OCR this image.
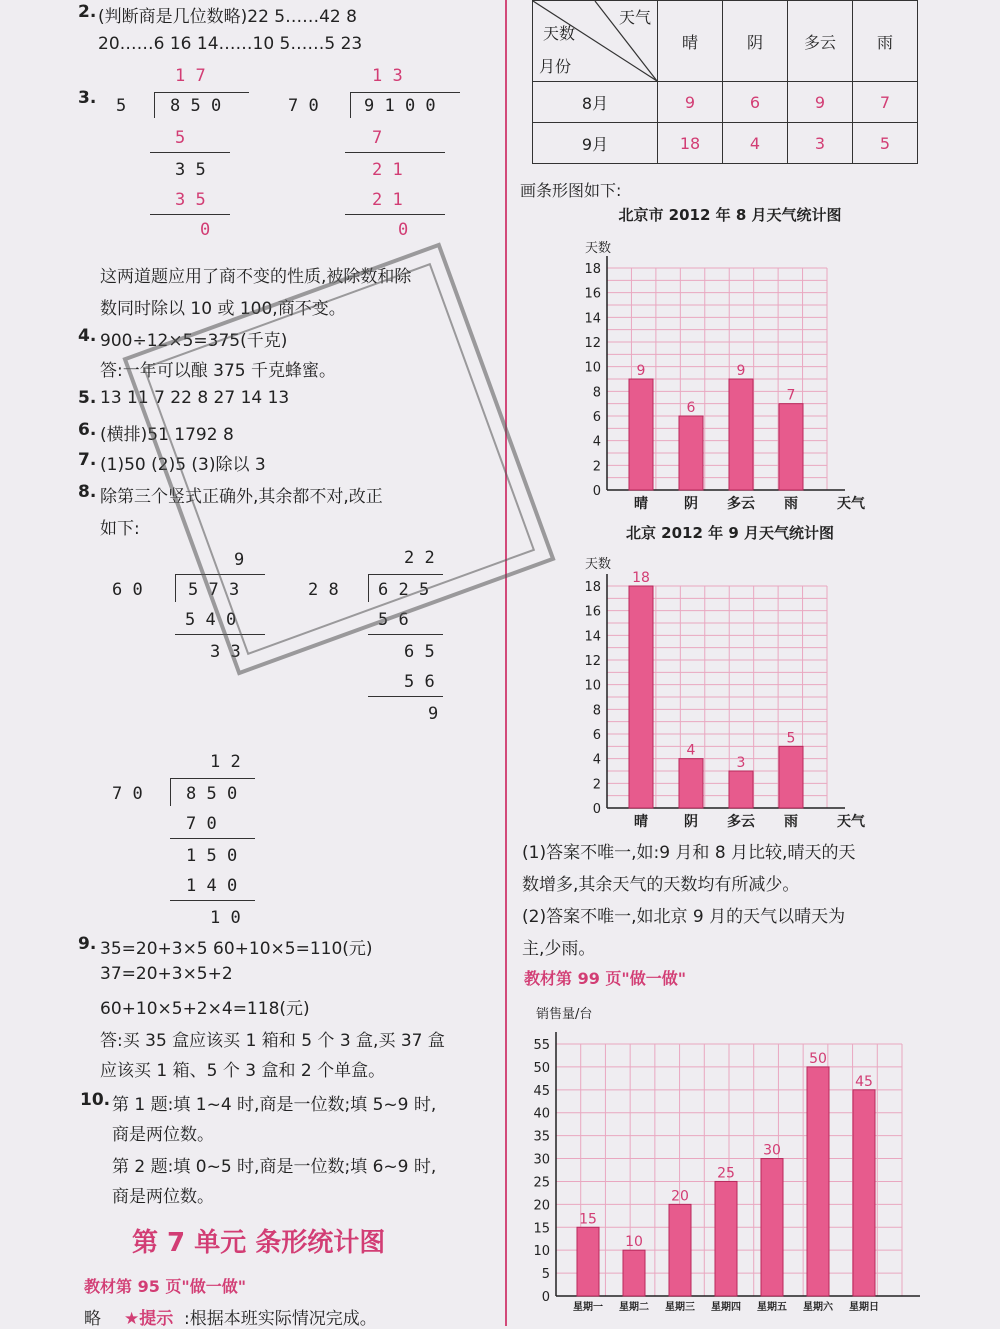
2. (判断商是几位数略)22 5……42 8
20……6 16 14……10 5……5 23
3.
1 7
5	8 5 0
5
3 5
3 5
0
1 3
7 0	9 1 0 0
7
2 1
2 1
0
这两道题应用了商不变的性质,被除数和除
数同时除以 10 或 100,商不变。
4. 900÷12×5=375(千克)
答:一年可以酿 375 千克蜂蜜。
5. 13 11 7 22 8 27 14 13
6. (横排)51 1792 8
7. (1)50 (2)5 (3)除以 3
8. 除第三个竖式正确外,其余都不对,改正
如下:
9
6 0	5 7 3
5 4 0
3 3
2 2
2 8 6 2 5
5 6
6 5
5 6
9
1 2
7 0	8 5 0
7 0
1 5 0
1 4 0
1 0
9. 35=20+3×5 60+10×5=110(元)
37=20+3×5+2
60+10×5+2×4=118(元)
答:买 35 盒应该买 1 箱和 5 个 3 盒,买 37 盒
应该买 1 箱、5 个 3 盒和 2 个单盒。
10. 第 1 题:填 1~4 时,商是一位数;填 5~9 时,
商是两位数。
第 2 题:填 0~5 时,商是一位数;填 6~9 时,
商是两位数。
第 7 单元 条形统计图
教材第 95 页"做一做"
略 ★提示 :根据本班实际情况完成。
天气
天数
月份	晴	阴	多云	雨
8月	9	6	9	7
9月	18	4	3	5
画条形图如下:
北京市 2012 年 8 月天气统计图
天数
0
2
4
6
8
10
12
14
16
18
9
晴
6
阴
9
多云
7
雨	天气
北京 2012 年 9 月天气统计图
天数
0
2
4
6
8
10
12
14
16
18
18
晴
4
阴
3
多云
5
雨	天气
(1)答案不唯一,如:9 月和 8 月比较,晴天的天
数增多,其余天气的天数均有所减少。
(2)答案不唯一,如北京 9 月的天气以晴天为
主,少雨。
教材第 99 页"做一做"
销售量/台
0
5
10
15
20
25
30
35
40
45
50
55
15
星期一
10
星期二
20
星期三
25
星期四
30
星期五
50
星期六
45
星期日
